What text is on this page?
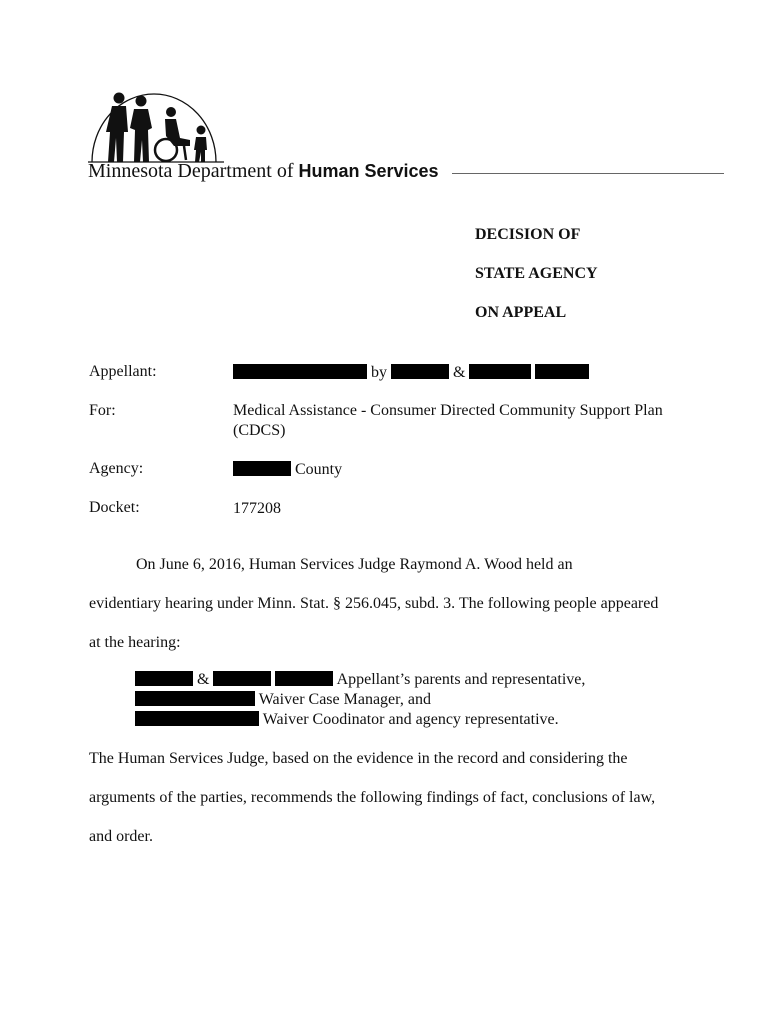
Minnesota Department of Human Services
DECISION OF
STATE AGENCY
ON APPEAL
Appellant:	by	&
For:	Medical Assistance - Consumer Directed Community Support Plan
(CDCS)
Agency:	County
Docket:	177208
On June 6, 2016, Human Services Judge Raymond A. Wood held an
evidentiary hearing under Minn. Stat. § 256.045, subd. 3. The following people appeared
at the hearing:
&	Appellant’s parents and representative,
Waiver Case Manager, and
Waiver Coodinator and agency representative.
The Human Services Judge, based on the evidence in the record and considering the
arguments of the parties, recommends the following findings of fact, conclusions of law,
and order.
